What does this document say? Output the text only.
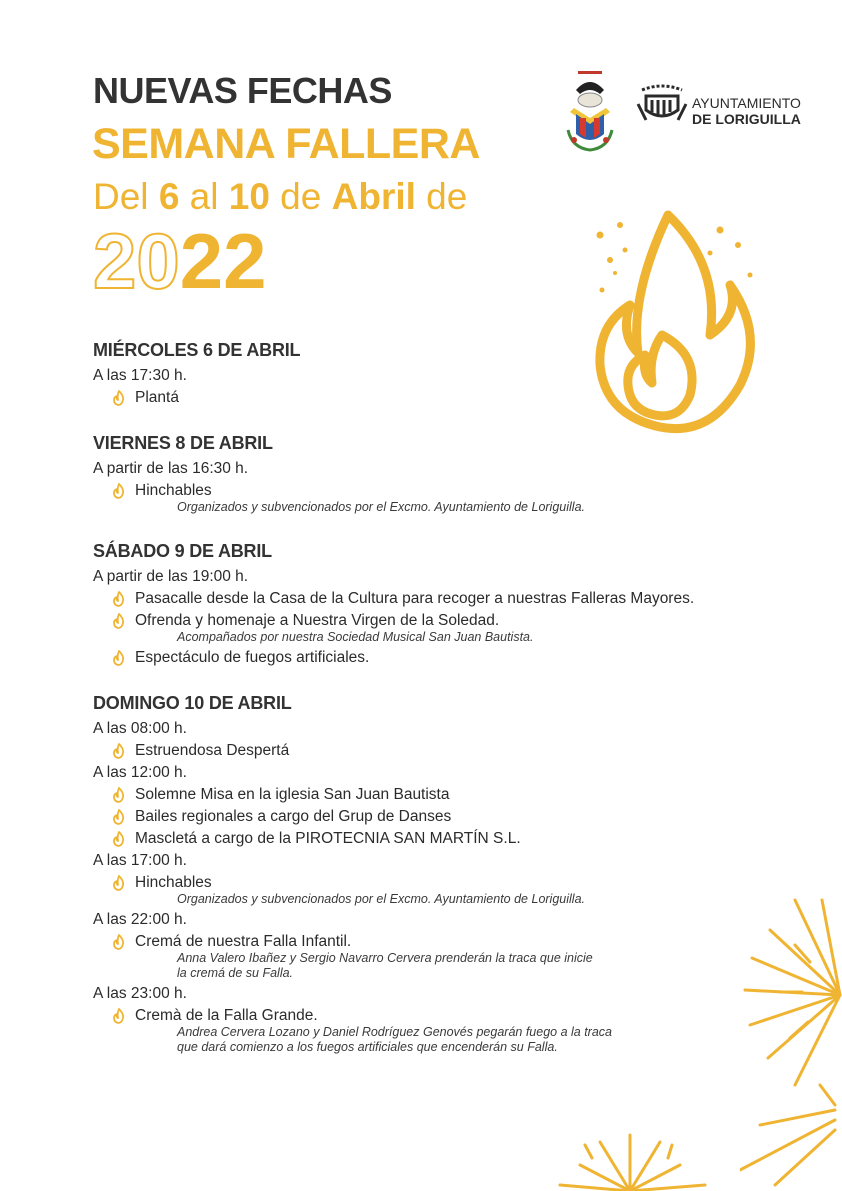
NUEVAS FECHAS
SEMANA FALLERA
Del 6 al 10 de Abril de
2022
AYUNTAMIENTO
DE LORIGUILLA
MIÉRCOLES 6 DE ABRIL
A las 17:30 h.
Plantá
VIERNES 8 DE ABRIL
A partir de las 16:30 h.
Hinchables
Organizados y subvencionados por el Excmo. Ayuntamiento de Loriguilla.
SÁBADO 9 DE ABRIL
A partir de las 19:00 h.
Pasacalle desde la Casa de la Cultura para recoger a nuestras Falleras Mayores.
Ofrenda y homenaje a Nuestra Virgen de la Soledad.
Acompañados por nuestra Sociedad Musical San Juan Bautista.
Espectáculo de fuegos artificiales.
DOMINGO 10 DE ABRIL
A las 08:00 h.
Estruendosa Despertá
A las 12:00 h.
Solemne Misa en la iglesia San Juan Bautista
Bailes regionales a cargo del Grup de Danses
Mascletá a cargo de la PIROTECNIA SAN MARTÍN S.L.
A las 17:00 h.
Hinchables
Organizados y subvencionados por el Excmo. Ayuntamiento de Loriguilla.
A las 22:00 h.
Cremá de nuestra Falla Infantil.
Anna Valero Ibañez y Sergio Navarro Cervera prenderán la traca que inicie
la cremá de su Falla.
A las 23:00 h.
Cremà de la Falla Grande.
Andrea Cervera Lozano y Daniel Rodríguez Genovés pegarán fuego a la traca
que dará comienzo a los fuegos artificiales que encenderán su Falla.
